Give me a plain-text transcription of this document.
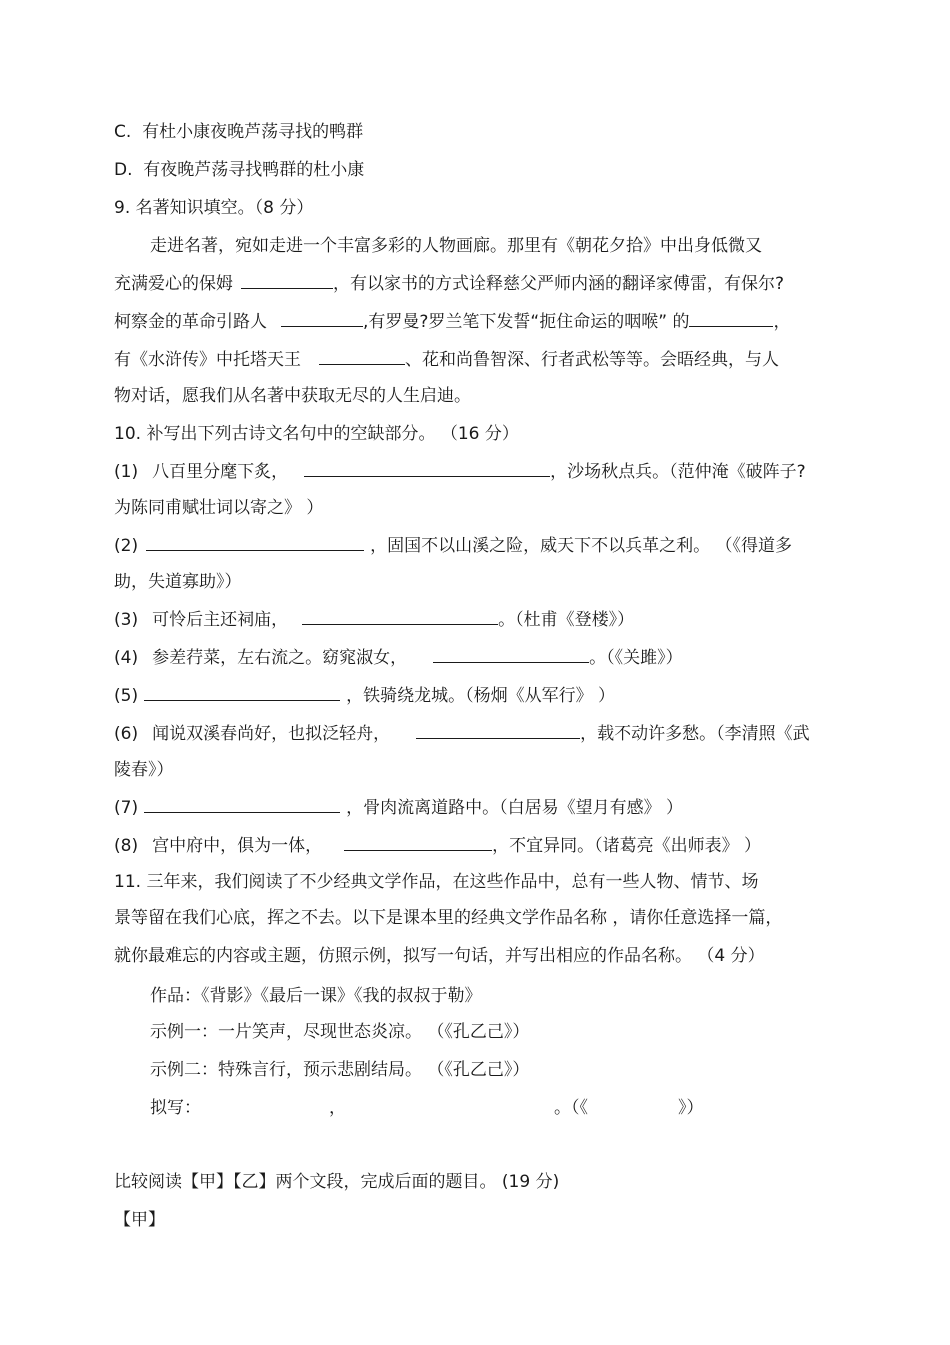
C.  有杜小康夜晚芦荡寻找的鸭群
D.  有夜晚芦荡寻找鸭群的杜小康
9. 名著知识填空。（8 分）
走进名著，宛如走进一个丰富多彩的人物画廊。那里有《朝花夕拾》中出身低微又
充满爱心的保姆	，有以家书的方式诠释慈父严师内涵的翻译家傅雷，有保尔?
柯察金的革命引路人	,有罗曼?罗兰笔下发誓“扼住命运的咽喉” 的	，
有《水浒传》中托塔天王	、花和尚鲁智深、行者武松等等。会晤经典，与人
物对话，愿我们从名著中获取无尽的人生启迪。
10. 补写出下列古诗文名句中的空缺部分。 （16 分）
(1) 八百里分麾下炙，	，沙场秋点兵。（范仲淹《破阵子?
为陈同甫赋壮词以寄之》 ）
(2)	，固国不以山溪之险，威天下不以兵革之利。 （《得道多
助，失道寡助》）
(3) 可怜后主还祠庙，	。（杜甫《登楼》）
(4) 参差荇菜，左右流之。窈窕淑女，	。（《关雎》）
(5)	，铁骑绕龙城。（杨炯《从军行》 ）
(6) 闻说双溪春尚好，也拟泛轻舟，	，载不动许多愁。（李清照《武
陵春》）
(7)	，骨肉流离道路中。（白居易《望月有感》 ）
(8) 宫中府中，俱为一体，	，不宜异同。（诸葛亮《出师表》 ）
11. 三年来，我们阅读了不少经典文学作品，在这些作品中，总有一些人物、情节、场
景等留在我们心底，挥之不去。以下是课本里的经典文学作品名称 ，请你任意选择一篇，
就你最难忘的内容或主题，仿照示例，拟写一句话，并写出相应的作品名称。 （4 分）
作品：《背影》《最后一课》《我的叔叔于勒》
示例一：一片笑声，尽现世态炎凉。 （《孔乙己》）
示例二：特殊言行，预示悲剧结局。 （《孔乙己》）
拟写：	，	。（《	》）
比较阅读【甲】【乙】两个文段，完成后面的题目。 (19 分)
【甲】
